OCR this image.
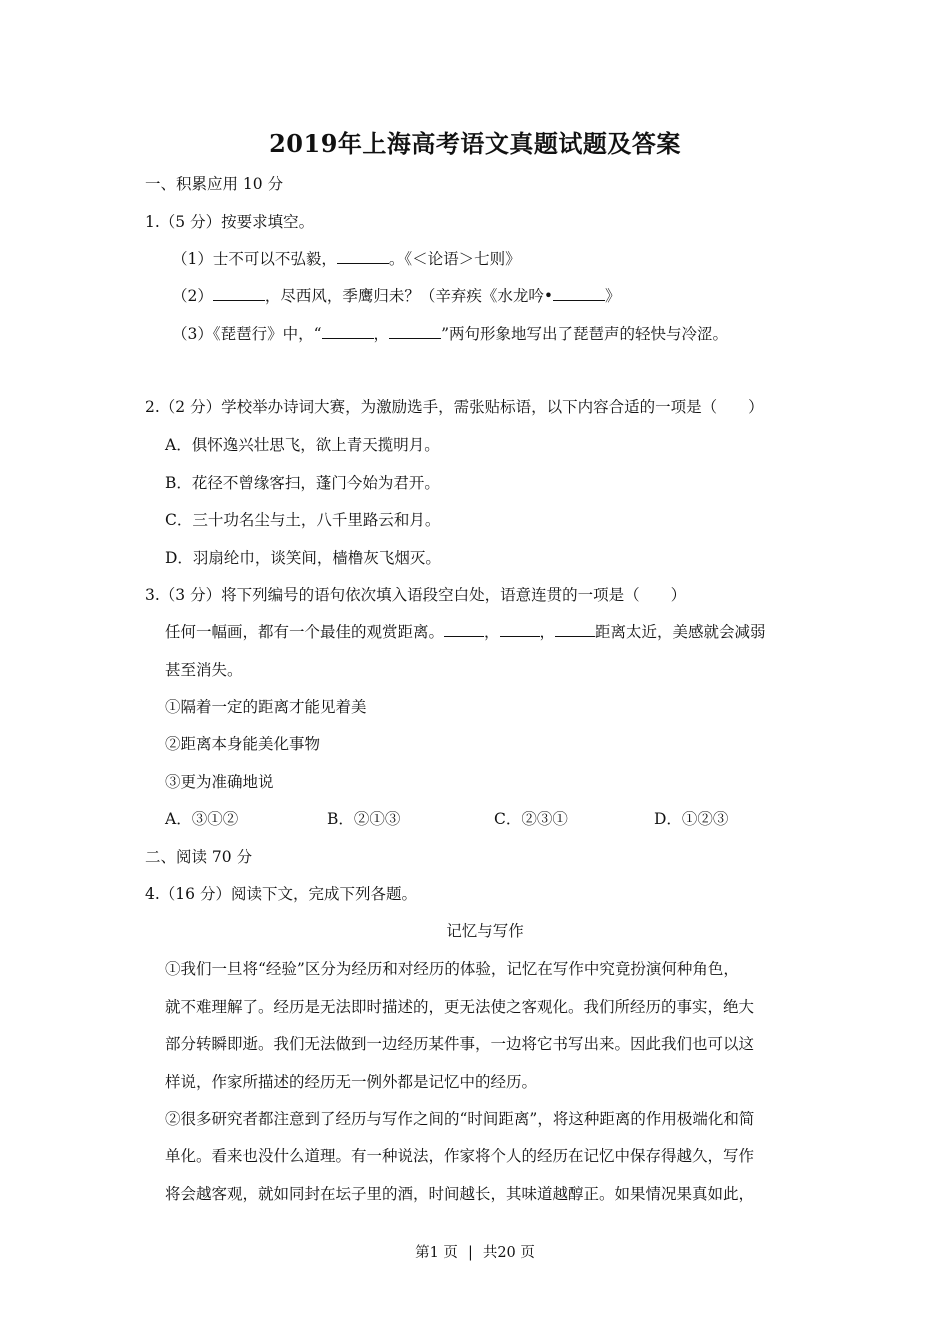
2019年上海高考语文真题试题及答案
一、积累应用 10 分
1.（5 分）按要求填空。
（1）士不可以不弘毅，	。《＜论语＞七则》
（2）	，尽西风，季鹰归未？（辛弃疾《水龙吟•	》
（3）《琵琶行》中，“	，	”两句形象地写出了琵琶声的轻快与冷涩。
2.（2 分）学校举办诗词大赛，为激励选手，需张贴标语，以下内容合适的一项是（　　）
A．俱怀逸兴壮思飞，欲上青天揽明月。
B．花径不曾缘客扫，蓬门今始为君开。
C．三十功名尘与土，八千里路云和月。
D．羽扇纶巾，谈笑间，樯橹灰飞烟灭。
3.（3 分）将下列编号的语句依次填入语段空白处，语意连贯的一项是（　　）
任何一幅画，都有一个最佳的观赏距离。	，	，	距离太近，美感就会减弱
甚至消失。
①隔着一定的距离才能见着美
②距离本身能美化事物
③更为准确地说
A．③①②	B．②①③	C．②③①	D．①②③
二、阅读 70 分
4.（16 分）阅读下文，完成下列各题。
记忆与写作
①我们一旦将“经验”区分为经历和对经历的体验，记忆在写作中究竟扮演何种角色，
就不难理解了。经历是无法即时描述的，更无法使之客观化。我们所经历的事实，绝大
部分转瞬即逝。我们无法做到一边经历某件事，一边将它书写出来。因此我们也可以这
样说，作家所描述的经历无一例外都是记忆中的经历。
②很多研究者都注意到了经历与写作之间的“时间距离”，将这种距离的作用极端化和简
单化。看来也没什么道理。有一种说法，作家将个人的经历在记忆中保存得越久，写作
将会越客观，就如同封在坛子里的酒，时间越长，其味道越醇正。如果情况果真如此，
第1 页 | 共20 页
